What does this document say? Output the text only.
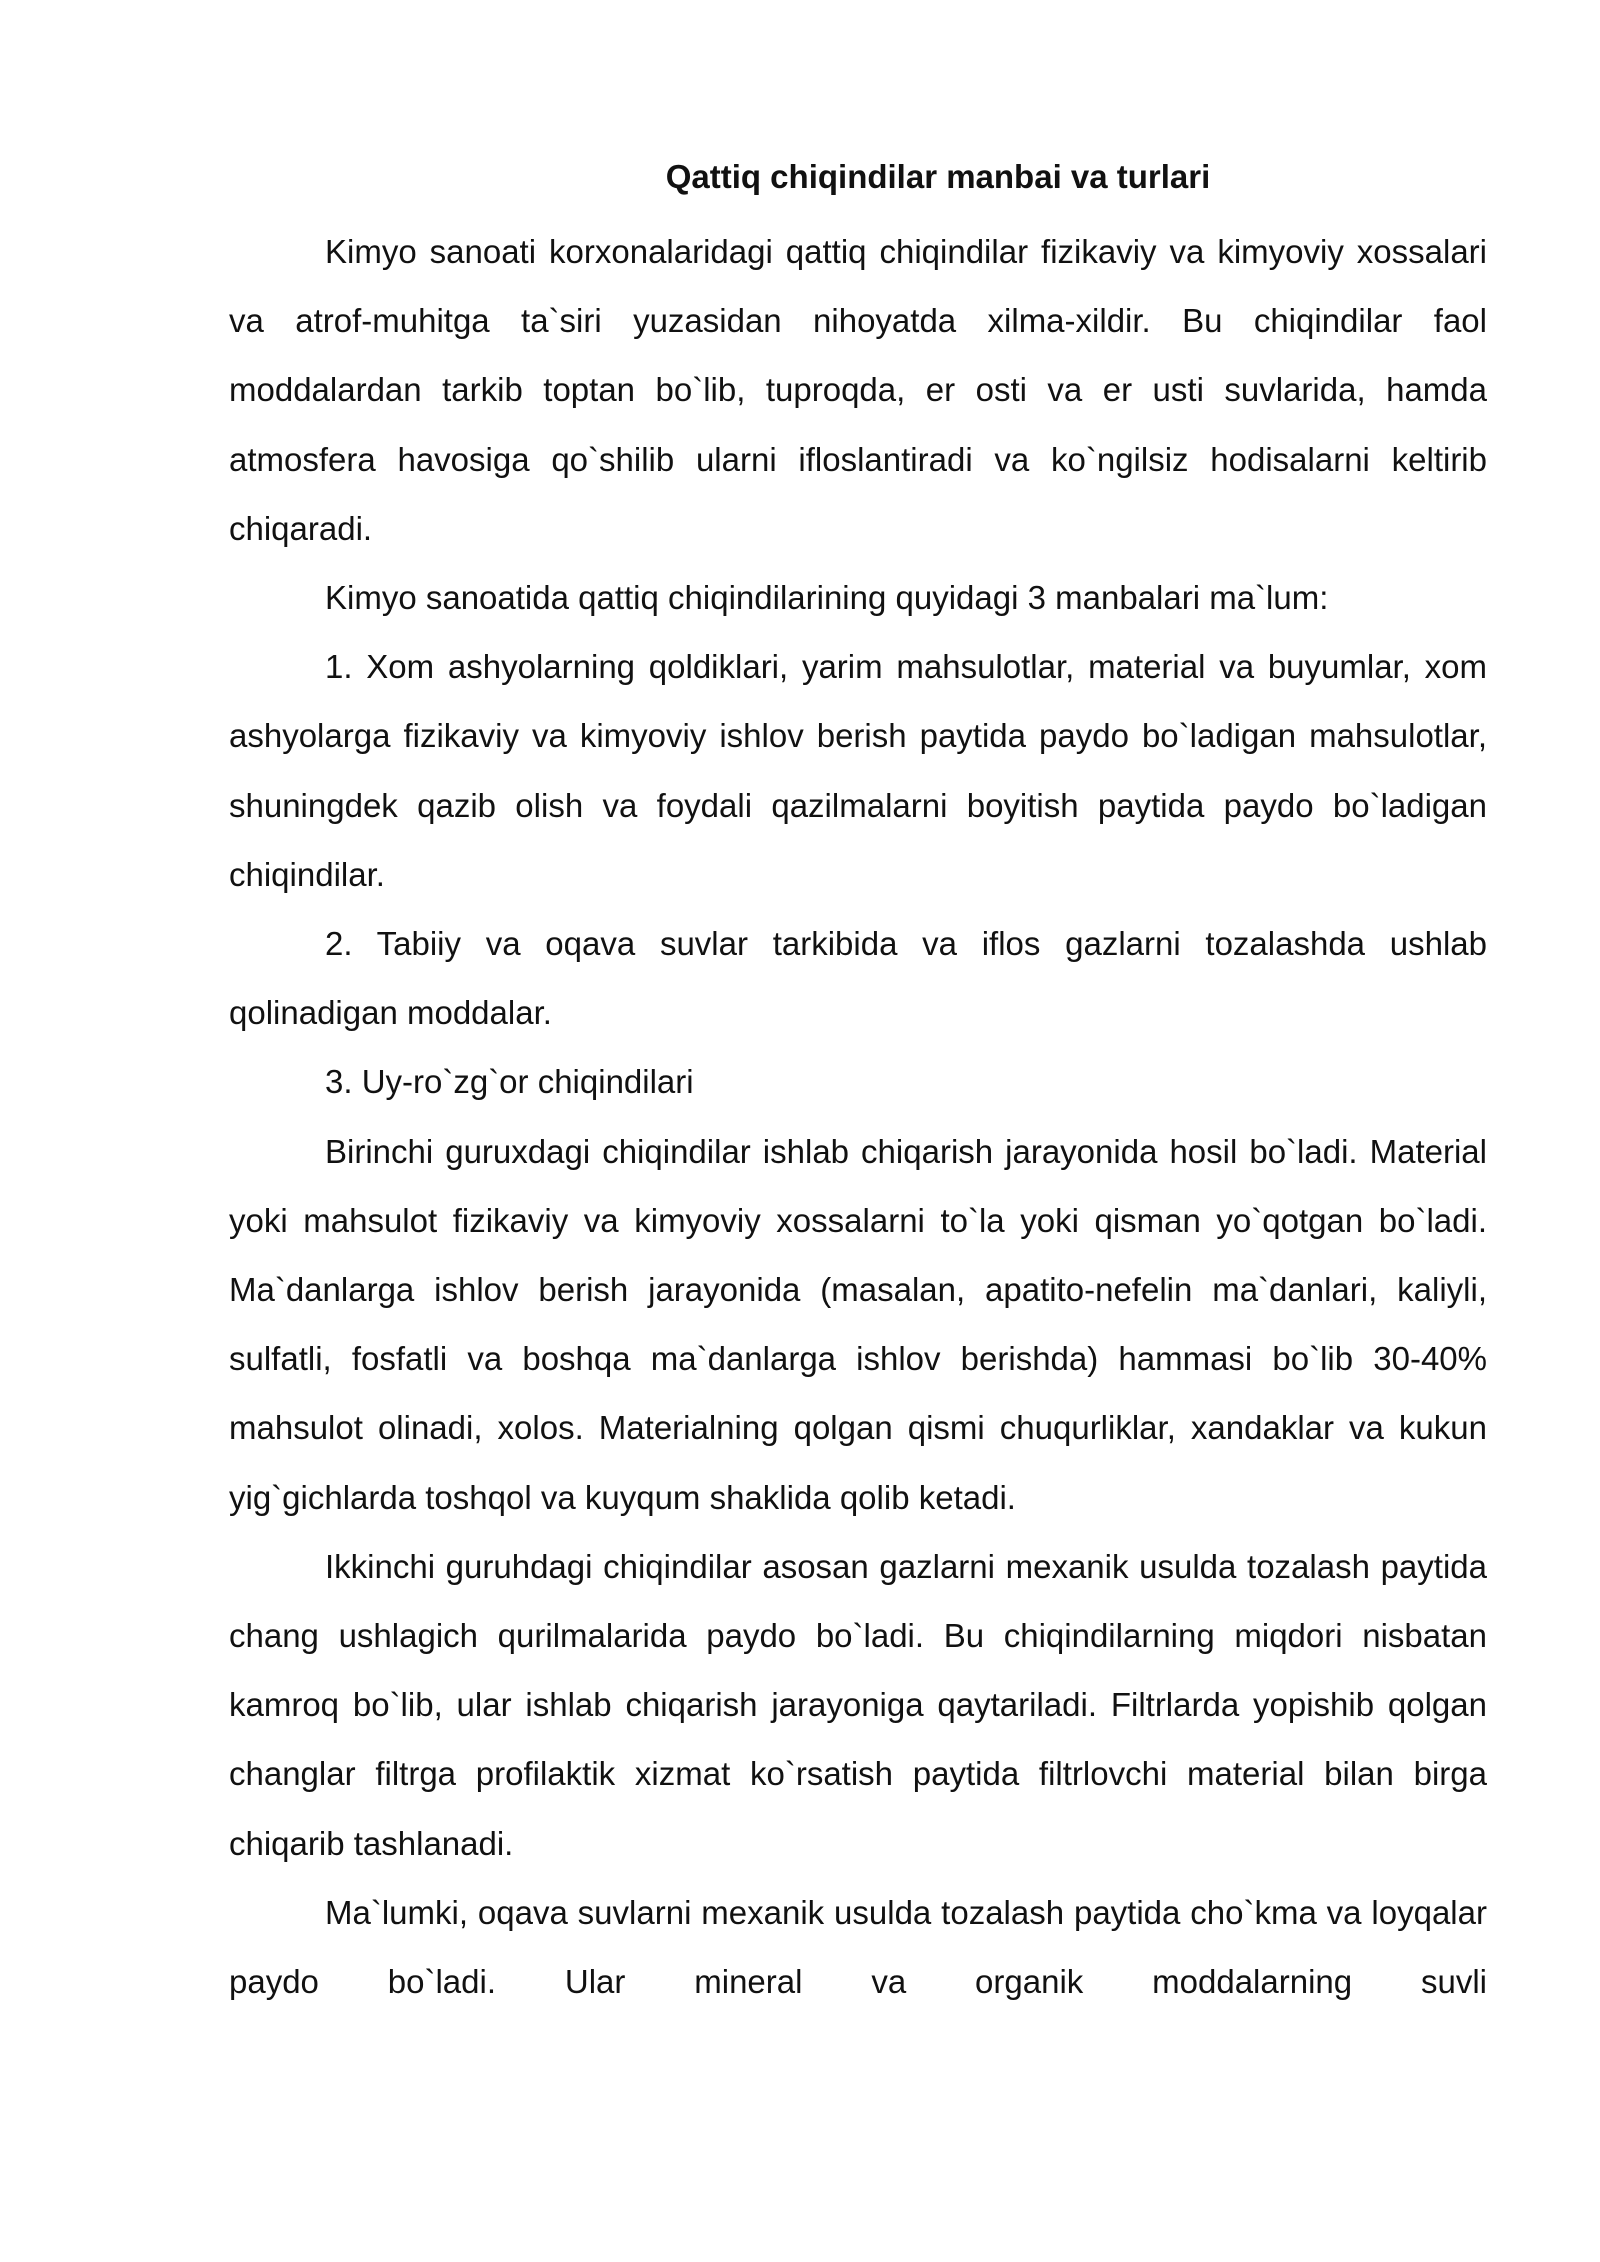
Qattiq chiqindilar manbai va turlari

Kimyo sanoati korxonalaridagi qattiq chiqindilar fizikaviy va kimyoviy xossalari va atrof-muhitga ta`siri yuzasidan nihoyatda xilma-xildir. Bu chiqindilar faol moddalardan tarkib toptan bo`lib, tuproqda, er osti va er usti suvlarida, hamda atmosfera havosiga qo`shilib ularni ifloslantiradi va ko`ngilsiz hodisalarni keltirib chiqaradi.

Kimyo sanoatida qattiq chiqindilarining quyidagi 3 manbalari ma`lum:

1. Xom ashyolarning qoldiklari, yarim mahsulotlar, material va buyumlar, xom ashyolarga fizikaviy va kimyoviy ishlov berish paytida paydo bo`ladigan mahsulotlar, shuningdek qazib olish va foydali qazilmalarni boyitish paytida paydo bo`ladigan chiqindilar.

2. Tabiiy va oqava suvlar tarkibida va iflos gazlarni tozalashda ushlab qolinadigan moddalar.

3. Uy-ro`zg`or chiqindilari

Birinchi guruxdagi chiqindilar ishlab chiqarish jarayonida hosil bo`ladi. Material yoki mahsulot fizikaviy va kimyoviy xossalarni to`la yoki qisman yo`qotgan bo`ladi. Ma`danlarga ishlov berish jarayonida (masalan, apatito-nefelin ma`danlari, kaliyli, sulfatli, fosfatli va boshqa ma`danlarga ishlov berishda) hammasi bo`lib 30-40% mahsulot olinadi, xolos. Materialning qolgan qismi chuqurliklar, xandaklar va kukun yig`gichlarda toshqol va kuyqum shaklida qolib ketadi.

Ikkinchi guruhdagi chiqindilar asosan gazlarni mexanik usulda tozalash paytida chang ushlagich qurilmalarida paydo bo`ladi. Bu chiqindilarning miqdori nisbatan kamroq bo`lib, ular ishlab chiqarish jarayoniga qaytariladi. Filtrlarda yopishib qolgan changlar filtrga profilaktik xizmat ko`rsatish paytida filtrlovchi material bilan birga chiqarib tashlanadi.

Ma`lumki, oqava suvlarni mexanik usulda tozalash paytida cho`kma va loyqalar paydo bo`ladi. Ular mineral va organik moddalarning suvli
